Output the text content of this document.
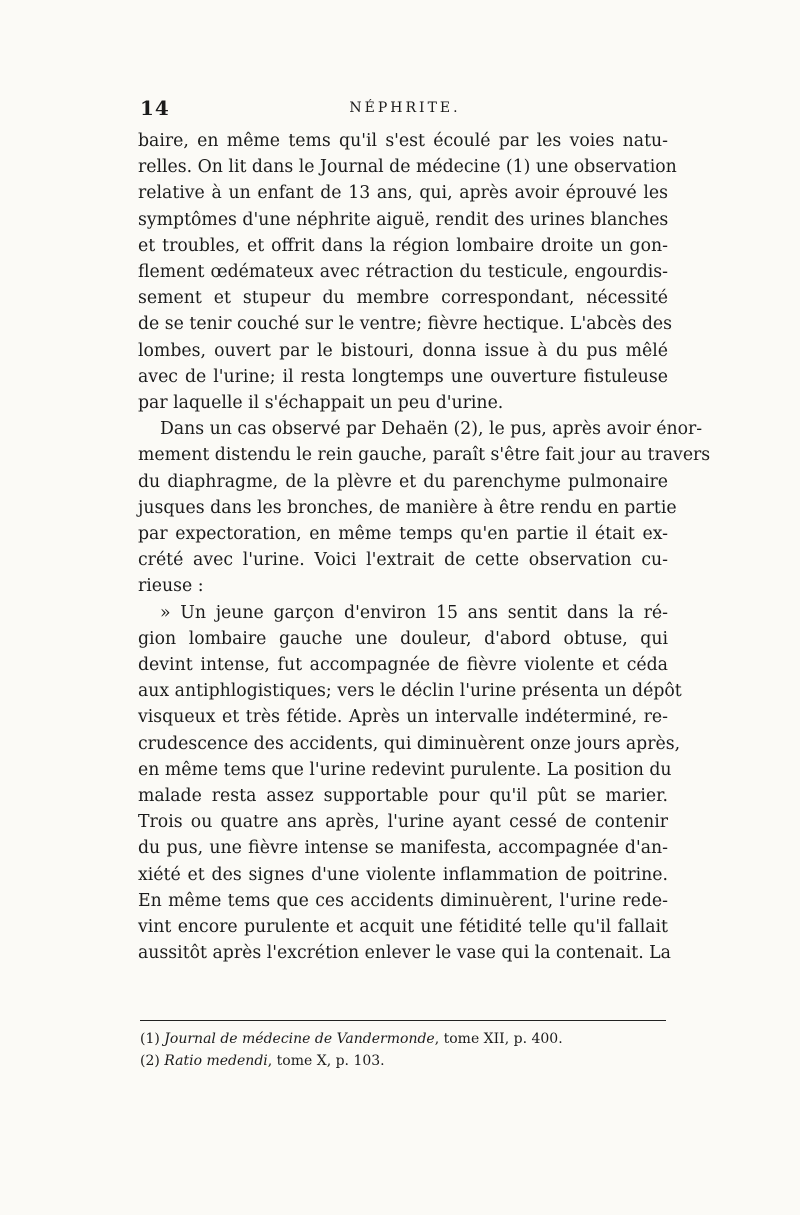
14	NÉPHRITE.
baire, en même tems qu'il s'est écoulé par les voies natu-
relles. On lit dans le Journal de médecine (1) une observation
relative à un enfant de 13 ans, qui, après avoir éprouvé les
symptômes d'une néphrite aiguë, rendit des urines blanches
et troubles, et offrit dans la région lombaire droite un gon-
flement œdémateux avec rétraction du testicule, engourdis-
sement et stupeur du membre correspondant, nécessité
de se tenir couché sur le ventre; fièvre hectique. L'abcès des
lombes, ouvert par le bistouri, donna issue à du pus mêlé
avec de l'urine; il resta longtemps une ouverture fistuleuse
par laquelle il s'échappait un peu d'urine.
Dans un cas observé par Dehaën (2), le pus, après avoir énor-
mement distendu le rein gauche, paraît s'être fait jour au travers
du diaphragme, de la plèvre et du parenchyme pulmonaire
jusques dans les bronches, de manière à être rendu en partie
par expectoration, en même temps qu'en partie il était ex-
crété avec l'urine. Voici l'extrait de cette observation cu-
rieuse :
» Un jeune garçon d'environ 15 ans sentit dans la ré-
gion lombaire gauche une douleur, d'abord obtuse, qui
devint intense, fut accompagnée de fièvre violente et céda
aux antiphlogistiques; vers le déclin l'urine présenta un dépôt
visqueux et très fétide. Après un intervalle indéterminé, re-
crudescence des accidents, qui diminuèrent onze jours après,
en même tems que l'urine redevint purulente. La position du
malade resta assez supportable pour qu'il pût se marier.
Trois ou quatre ans après, l'urine ayant cessé de contenir
du pus, une fièvre intense se manifesta, accompagnée d'an-
xiété et des signes d'une violente inflammation de poitrine.
En même tems que ces accidents diminuèrent, l'urine rede-
vint encore purulente et acquit une fétidité telle qu'il fallait
aussitôt après l'excrétion enlever le vase qui la contenait. La
(1) Journal de médecine de Vandermonde, tome XII, p. 400.
(2) Ratio medendi, tome X, p. 103.
